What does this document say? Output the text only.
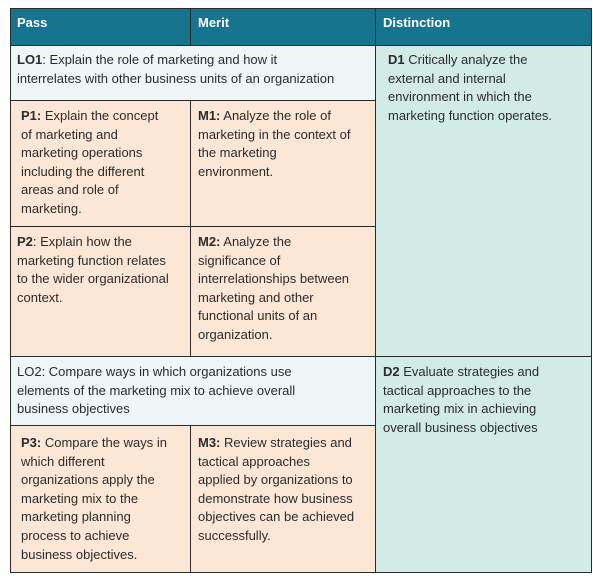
Pass	Merit	Distinction
LO1: Explain the role of marketing and how it
interrelates with other business units of an organization
D1 Critically analyze the
external and internal
environment in which the
marketing function operates.
P1: Explain the concept
of marketing and
marketing operations
including the different
areas and role of
marketing.
M1: Analyze the role of
marketing in the context of
the marketing
environment.
P2: Explain how the
marketing function relates
to the wider organizational
context.
M2: Analyze the
significance of
interrelationships between
marketing and other
functional units of an
organization.
LO2: Compare ways in which organizations use
elements of the marketing mix to achieve overall
business objectives
D2 Evaluate strategies and
tactical approaches to the
marketing mix in achieving
overall business objectives
P3: Compare the ways in
which different
organizations apply the
marketing mix to the
marketing planning
process to achieve
business objectives.
M3: Review strategies and
tactical approaches
applied by organizations to
demonstrate how business
objectives can be achieved
successfully.
